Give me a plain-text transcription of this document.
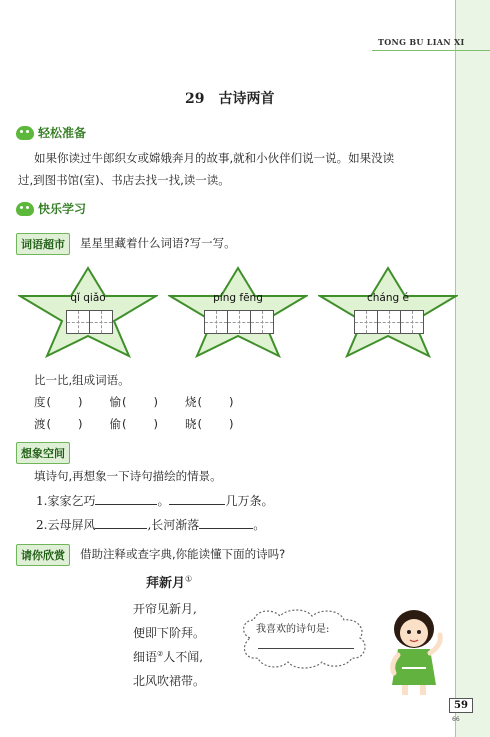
TONG BU LIAN XI
29 古诗两首
轻松准备
如果你读过牛郎织女或嫦娥奔月的故事,就和小伙伴们说一说。如果没读
过,到图书馆(室)、书店去找一找,读一读。
快乐学习
词语超市	星星里藏着什么词语?写一写。
qǐ qiǎo	píng fēng	cháng é
比一比,组成词语。
度( ) 愉( ) 烧( )
渡( ) 偷( ) 晓( )
想象空间
填诗句,再想象一下诗句描绘的情景。
1.家家乞巧	。	几万条。
2.云母屏风	,长河渐落	。
请你欣赏	借助注释或查字典,你能读懂下面的诗吗?
拜新月①
开帘见新月,
便即下阶拜。
细语②人不闻,
北风吹裙带。
我喜欢的诗句是:
59
66
